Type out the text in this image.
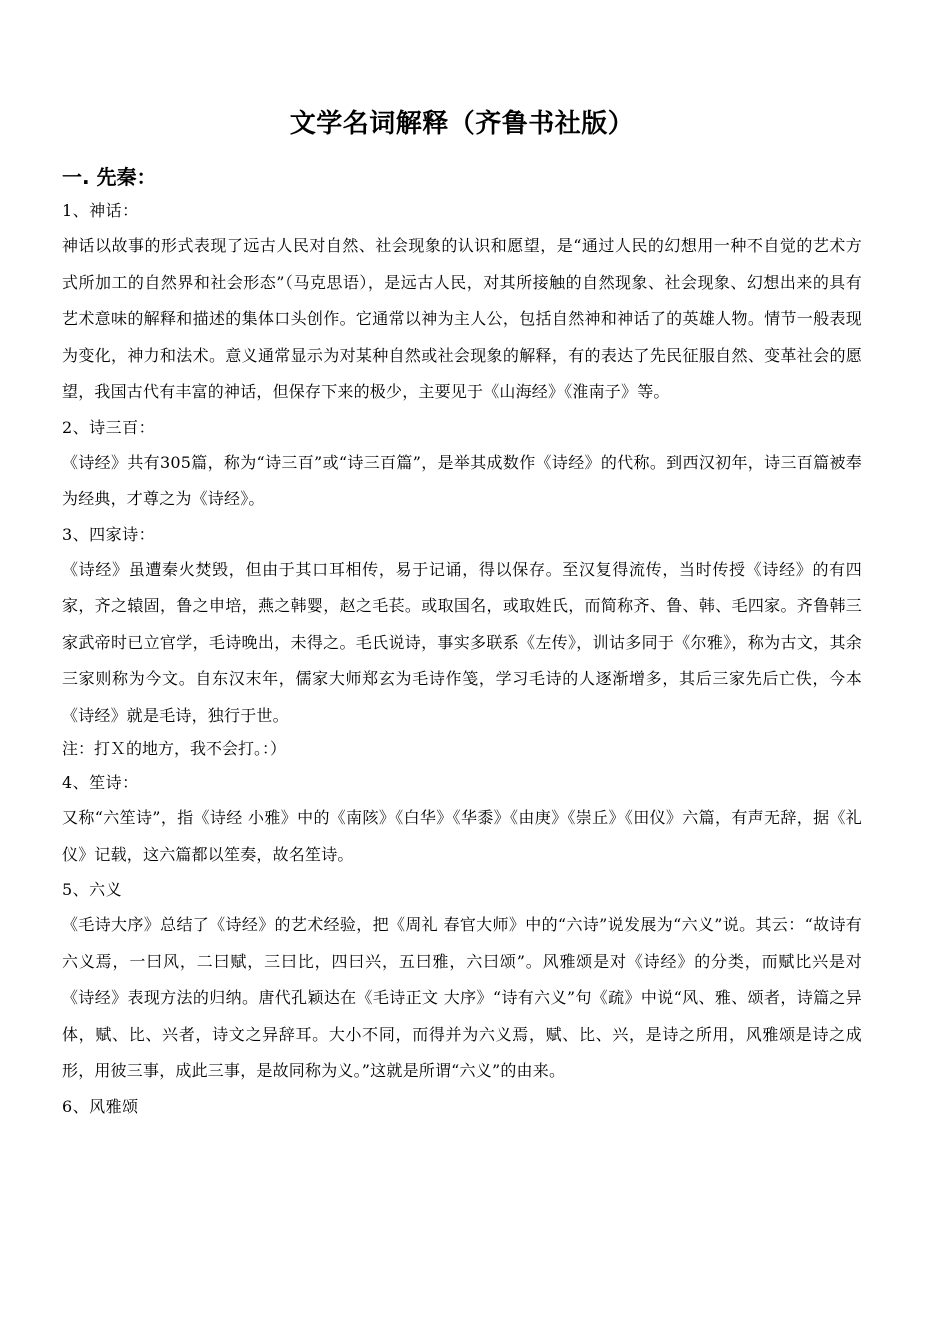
文学名词解释（齐鲁书社版）
一. 先秦：
1、神话：

神话以故事的形式表现了远古人民对自然、社会现象的认识和愿望，是“通过人民的幻想用一种不自觉的艺术方式所加工的自然界和社会形态”（马克思语），是远古人民，对其所接触的自然现象、社会现象、幻想出来的具有艺术意味的解释和描述的集体口头创作。它通常以神为主人公，包括自然神和神话了的英雄人物。情节一般表现为变化，神力和法术。意义通常显示为对某种自然或社会现象的解释，有的表达了先民征服自然、变革社会的愿望，我国古代有丰富的神话，但保存下来的极少，主要见于《山海经》《淮南子》等。

2、诗三百：

《诗经》共有305篇，称为“诗三百”或“诗三百篇”，是举其成数作《诗经》的代称。到西汉初年，诗三百篇被奉为经典，才尊之为《诗经》。

3、四家诗：

《诗经》虽遭秦火焚毁，但由于其口耳相传，易于记诵，得以保存。至汉复得流传，当时传授《诗经》的有四家，齐之辕固，鲁之申培，燕之韩婴，赵之毛苌。或取国名，或取姓氏，而简称齐、鲁、韩、毛四家。齐鲁韩三家武帝时已立官学，毛诗晚出，未得之。毛氏说诗，事实多联系《左传》，训诂多同于《尔雅》，称为古文，其余三家则称为今文。自东汉末年，儒家大师郑玄为毛诗作笺，学习毛诗的人逐渐增多，其后三家先后亡佚，今本《诗经》就是毛诗，独行于世。

注：打Ｘ的地方，我不会打。：）
4、笙诗：

又称“六笙诗”，指《诗经 小雅》中的《南陔》《白华》《华黍》《由庚》《崇丘》《田仪》六篇，有声无辞，据《礼仪》记载，这六篇都以笙奏，故名笙诗。

5、六义

《毛诗大序》总结了《诗经》的艺术经验，把《周礼 春官大师》中的“六诗”说发展为“六义”说。其云：“故诗有六义焉，一曰风，二曰赋，三曰比，四曰兴，五曰雅，六曰颂”。风雅颂是对《诗经》的分类，而赋比兴是对《诗经》表现方法的归纳。唐代孔颖达在《毛诗正文 大序》“诗有六义”句《疏》中说“风、雅、颂者，诗篇之异体，赋、比、兴者，诗文之异辞耳。大小不同，而得并为六义焉，赋、比、兴，是诗之所用，风雅颂是诗之成形，用彼三事，成此三事，是故同称为义。”这就是所谓“六义”的由来。

6、风雅颂
